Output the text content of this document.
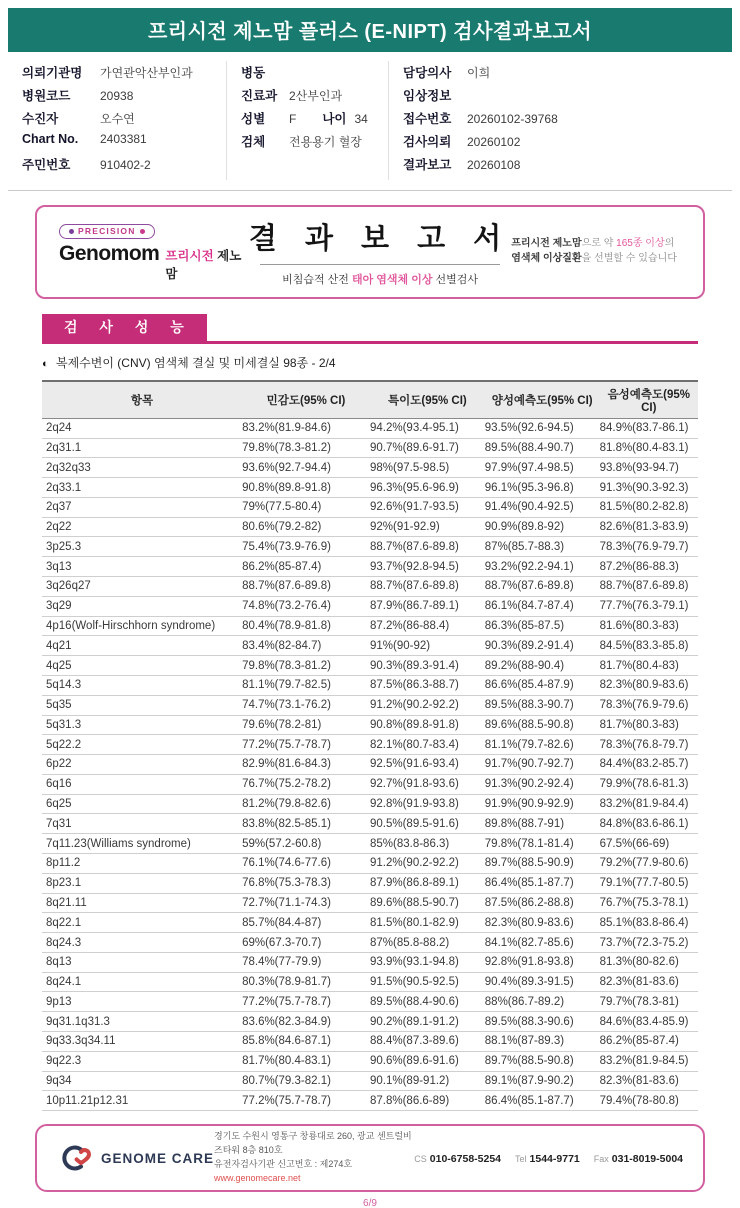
프리시전 제노맘 플러스 (E-NIPT) 검사결과보고서
의뢰기관명	가연관악산부인과
병원코드	20938
수진자	오수연
Chart No.	2403381
주민번호	910402-2
병동
진료과 2산부인과
성별	F 나이 34
검체	전용용기 혈장
담당의사	이희
임상정보
접수번호	20260102-39768
검사의뢰	20260102
결과보고	20260108
PRECISION
Genomom 프리시전 제노맘
결 과 보 고 서
비침습적 산전 태아 염색체 이상 선별검사
프리시전 제노맘으로 약 165종 이상의
염색체 이상질환을 선별할 수 있습니다
검 사 성 능
◐ 복제수변이 (CNV) 염색체 결실 및 미세결실 98종 - 2/4
항목	민감도(95% CI)	특이도(95% CI)	양성예측도(95% CI)	음성예측도(95% CI)
2q24	83.2%(81.9-84.6)	94.2%(93.4-95.1)	93.5%(92.6-94.5)	84.9%(83.7-86.1)
2q31.1	79.8%(78.3-81.2)	90.7%(89.6-91.7)	89.5%(88.4-90.7)	81.8%(80.4-83.1)
2q32q33	93.6%(92.7-94.4)	98%(97.5-98.5)	97.9%(97.4-98.5)	93.8%(93-94.7)
2q33.1	90.8%(89.8-91.8)	96.3%(95.6-96.9)	96.1%(95.3-96.8)	91.3%(90.3-92.3)
2q37	79%(77.5-80.4)	92.6%(91.7-93.5)	91.4%(90.4-92.5)	81.5%(80.2-82.8)
2q22	80.6%(79.2-82)	92%(91-92.9)	90.9%(89.8-92)	82.6%(81.3-83.9)
3p25.3	75.4%(73.9-76.9)	88.7%(87.6-89.8)	87%(85.7-88.3)	78.3%(76.9-79.7)
3q13	86.2%(85-87.4)	93.7%(92.8-94.5)	93.2%(92.2-94.1)	87.2%(86-88.3)
3q26q27	88.7%(87.6-89.8)	88.7%(87.6-89.8)	88.7%(87.6-89.8)	88.7%(87.6-89.8)
3q29	74.8%(73.2-76.4)	87.9%(86.7-89.1)	86.1%(84.7-87.4)	77.7%(76.3-79.1)
4p16(Wolf-Hirschhorn syndrome)	80.4%(78.9-81.8)	87.2%(86-88.4)	86.3%(85-87.5)	81.6%(80.3-83)
4q21	83.4%(82-84.7)	91%(90-92)	90.3%(89.2-91.4)	84.5%(83.3-85.8)
4q25	79.8%(78.3-81.2)	90.3%(89.3-91.4)	89.2%(88-90.4)	81.7%(80.4-83)
5q14.3	81.1%(79.7-82.5)	87.5%(86.3-88.7)	86.6%(85.4-87.9)	82.3%(80.9-83.6)
5q35	74.7%(73.1-76.2)	91.2%(90.2-92.2)	89.5%(88.3-90.7)	78.3%(76.9-79.6)
5q31.3	79.6%(78.2-81)	90.8%(89.8-91.8)	89.6%(88.5-90.8)	81.7%(80.3-83)
5q22.2	77.2%(75.7-78.7)	82.1%(80.7-83.4)	81.1%(79.7-82.6)	78.3%(76.8-79.7)
6p22	82.9%(81.6-84.3)	92.5%(91.6-93.4)	91.7%(90.7-92.7)	84.4%(83.2-85.7)
6q16	76.7%(75.2-78.2)	92.7%(91.8-93.6)	91.3%(90.2-92.4)	79.9%(78.6-81.3)
6q25	81.2%(79.8-82.6)	92.8%(91.9-93.8)	91.9%(90.9-92.9)	83.2%(81.9-84.4)
7q31	83.8%(82.5-85.1)	90.5%(89.5-91.6)	89.8%(88.7-91)	84.8%(83.6-86.1)
7q11.23(Williams syndrome)	59%(57.2-60.8)	85%(83.8-86.3)	79.8%(78.1-81.4)	67.5%(66-69)
8p11.2	76.1%(74.6-77.6)	91.2%(90.2-92.2)	89.7%(88.5-90.9)	79.2%(77.9-80.6)
8p23.1	76.8%(75.3-78.3)	87.9%(86.8-89.1)	86.4%(85.1-87.7)	79.1%(77.7-80.5)
8q21.11	72.7%(71.1-74.3)	89.6%(88.5-90.7)	87.5%(86.2-88.8)	76.7%(75.3-78.1)
8q22.1	85.7%(84.4-87)	81.5%(80.1-82.9)	82.3%(80.9-83.6)	85.1%(83.8-86.4)
8q24.3	69%(67.3-70.7)	87%(85.8-88.2)	84.1%(82.7-85.6)	73.7%(72.3-75.2)
8q13	78.4%(77-79.9)	93.9%(93.1-94.8)	92.8%(91.8-93.8)	81.3%(80-82.6)
8q24.1	80.3%(78.9-81.7)	91.5%(90.5-92.5)	90.4%(89.3-91.5)	82.3%(81-83.6)
9p13	77.2%(75.7-78.7)	89.5%(88.4-90.6)	88%(86.7-89.2)	79.7%(78.3-81)
9q31.1q31.3	83.6%(82.3-84.9)	90.2%(89.1-91.2)	89.5%(88.3-90.6)	84.6%(83.4-85.9)
9q33.3q34.11	85.8%(84.6-87.1)	88.4%(87.3-89.6)	88.1%(87-89.3)	86.2%(85-87.4)
9q22.3	81.7%(80.4-83.1)	90.6%(89.6-91.6)	89.7%(88.5-90.8)	83.2%(81.9-84.5)
9q34	80.7%(79.3-82.1)	90.1%(89-91.2)	89.1%(87.9-90.2)	82.3%(81-83.6)
10p11.21p12.31	77.2%(75.7-78.7)	87.8%(86.6-89)	86.4%(85.1-87.7)	79.4%(78-80.8)
GENOME CARE
경기도 수원시 영통구 창룡대로 260, 광교 센트럴비즈타워 8층 810호
유전자검사기관 신고번호 : 제274호
www.genomecare.net
CS 010-6758-5254 Tel 1544-9771 Fax 031-8019-5004
6/9
